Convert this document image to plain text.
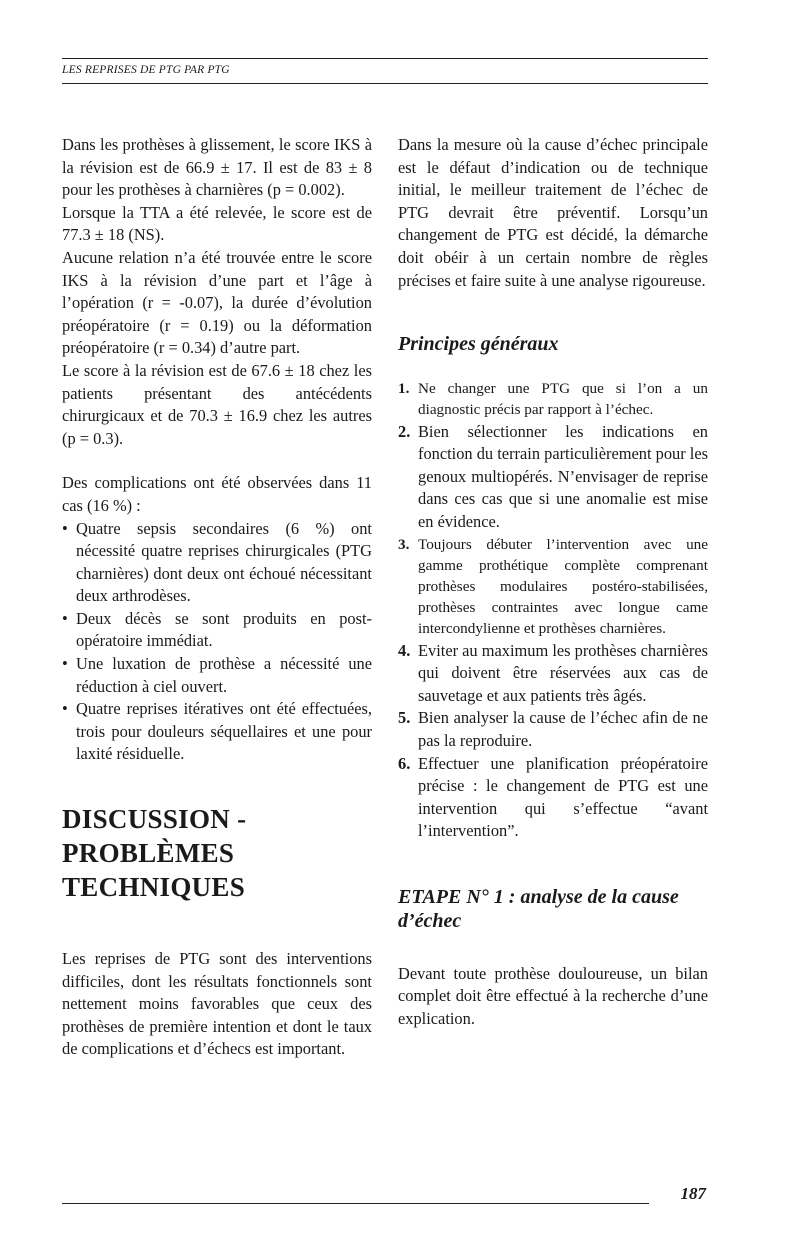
LES REPRISES DE PTG PAR PTG

Dans les prothèses à glissement, le score IKS à la révision est de 66.9 ± 17. Il est de 83 ± 8 pour les prothèses à charnières (p = 0.002).

Lorsque la TTA a été relevée, le score est de 77.3 ± 18 (NS).

Aucune relation n’a été trouvée entre le score IKS à la révision d’une part et l’âge à l’opération (r = -0.07), la durée d’évolution préopératoire (r = 0.19) ou la déformation préopératoire (r = 0.34) d’autre part.

Le score à la révision est de 67.6 ± 18 chez les patients présentant des antécédents chirurgicaux et de 70.3 ± 16.9 chez les autres (p = 0.3).

Des complications ont été observées dans 11 cas (16 %) :

• Quatre sepsis secondaires (6 %) ont nécessité quatre reprises chirurgicales (PTG charnières) dont deux ont échoué nécessitant deux arthrodèses.
• Deux décès se sont produits en post-opératoire immédiat.
• Une luxation de prothèse a nécessité une réduction à ciel ouvert.
• Quatre reprises itératives ont été effectuées, trois pour douleurs séquellaires et une pour laxité résiduelle.
DISCUSSION -
PROBLÈMES
TECHNIQUES

Les reprises de PTG sont des interventions difficiles, dont les résultats fonctionnels sont nettement moins favorables que ceux des prothèses de première intention et dont le taux de complications et d’échecs est important.

Dans la mesure où la cause d’échec principale est le défaut d’indication ou de technique initial, le meilleur traitement de l’échec de PTG devrait être préventif. Lorsqu’un changement de PTG est décidé, la démarche doit obéir à un certain nombre de règles précises et faire suite à une analyse rigoureuse.

Principes généraux
1. Ne changer une PTG que si l’on a un diagnostic précis par rapport à l’échec.
2. Bien sélectionner les indications en fonction du terrain particulièrement pour les genoux multiopérés. N’envisager de reprise dans ces cas que si une anomalie est mise en évidence.
3. Toujours débuter l’intervention avec une gamme prothétique complète comprenant prothèses modulaires postéro-stabilisées, prothèses contraintes avec longue came intercondylienne et prothèses charnières.
4. Eviter au maximum les prothèses charnières qui doivent être réservées aux cas de sauvetage et aux patients très âgés.
5. Bien analyser la cause de l’échec afin de ne pas la reproduire.
6. Effectuer une planification préopératoire précise : le changement de PTG est une intervention qui s’effectue “avant l’intervention”.
ETAPE N° 1 : analyse de la cause d’échec

Devant toute prothèse douloureuse, un bilan complet doit être effectué à la recherche d’une explication.

187
